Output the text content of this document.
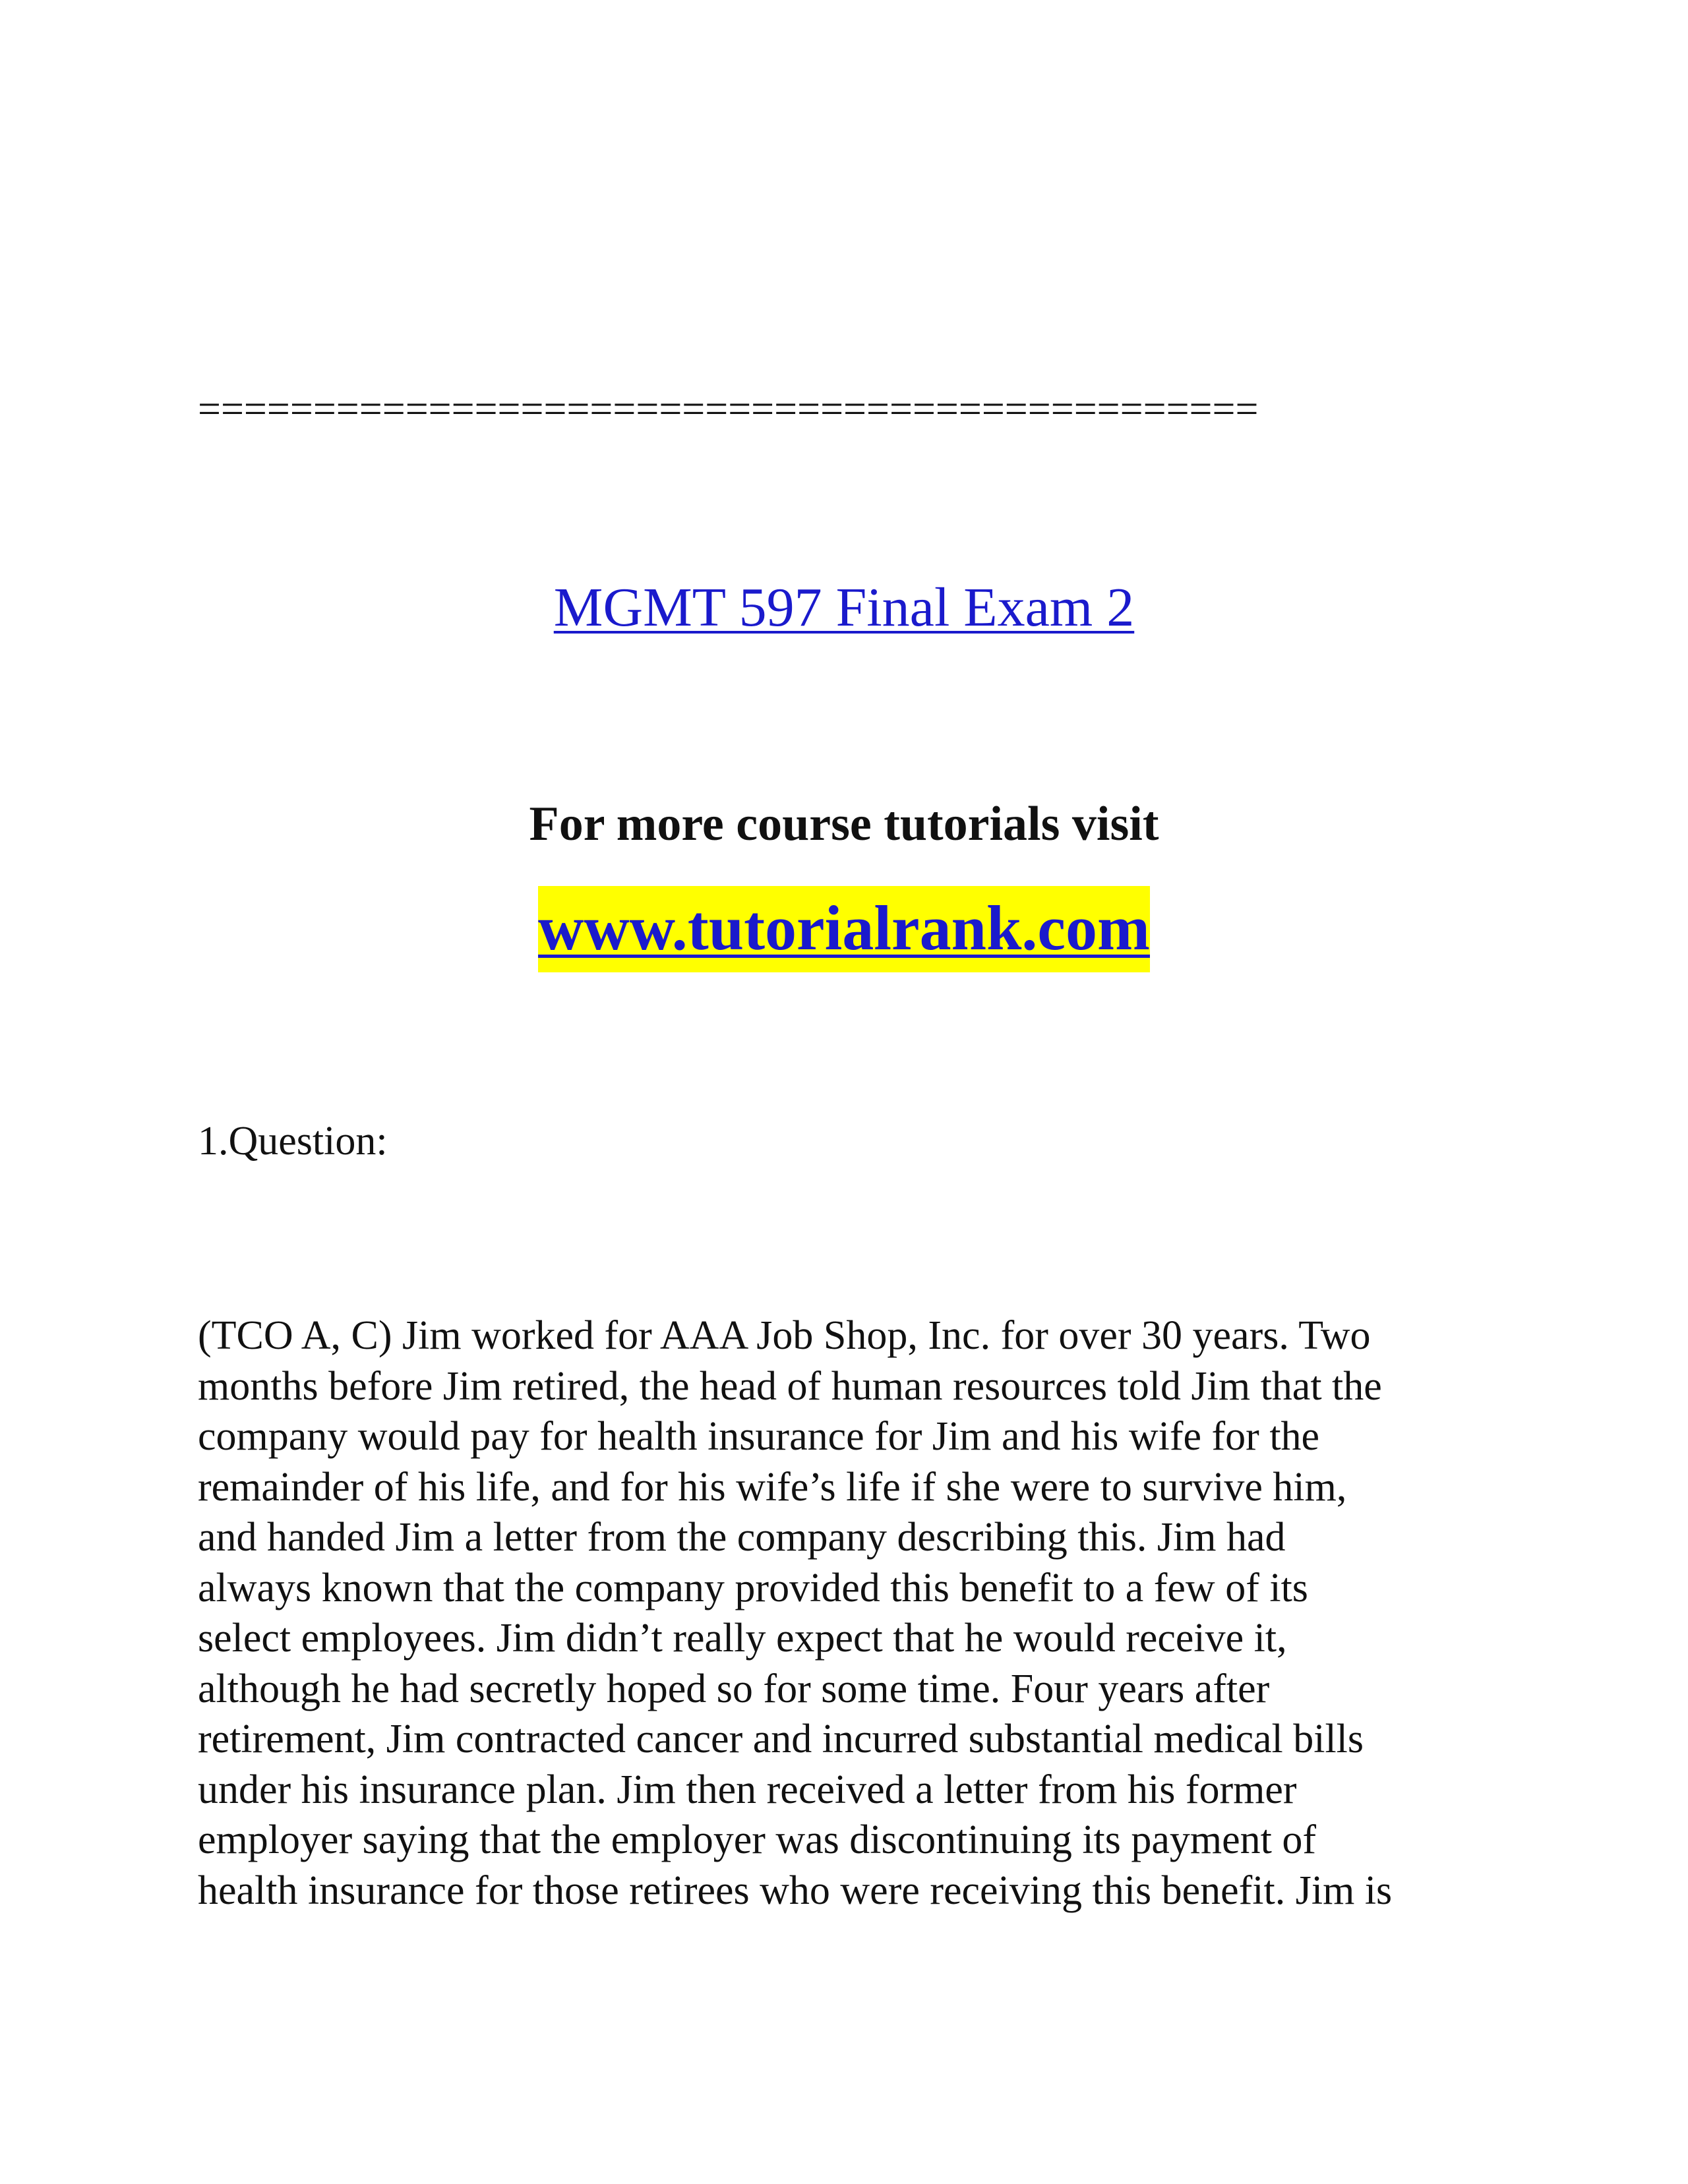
==============================================
MGMT 597 Final Exam 2
For more course tutorials visit
www.tutorialrank.com
1.Question:
(TCO A, C) Jim worked for AAA Job Shop, Inc. for over 30 years. Two
months before Jim retired, the head of human resources told Jim that the
company would pay for health insurance for Jim and his wife for the
remainder of his life, and for his wife’s life if she were to survive him,
and handed Jim a letter from the company describing this. Jim had
always known that the company provided this benefit to a few of its
select employees. Jim didn’t really expect that he would receive it,
although he had secretly hoped so for some time. Four years after
retirement, Jim contracted cancer and incurred substantial medical bills
under his insurance plan. Jim then received a letter from his former
employer saying that the employer was discontinuing its payment of
health insurance for those retirees who were receiving this benefit. Jim is
